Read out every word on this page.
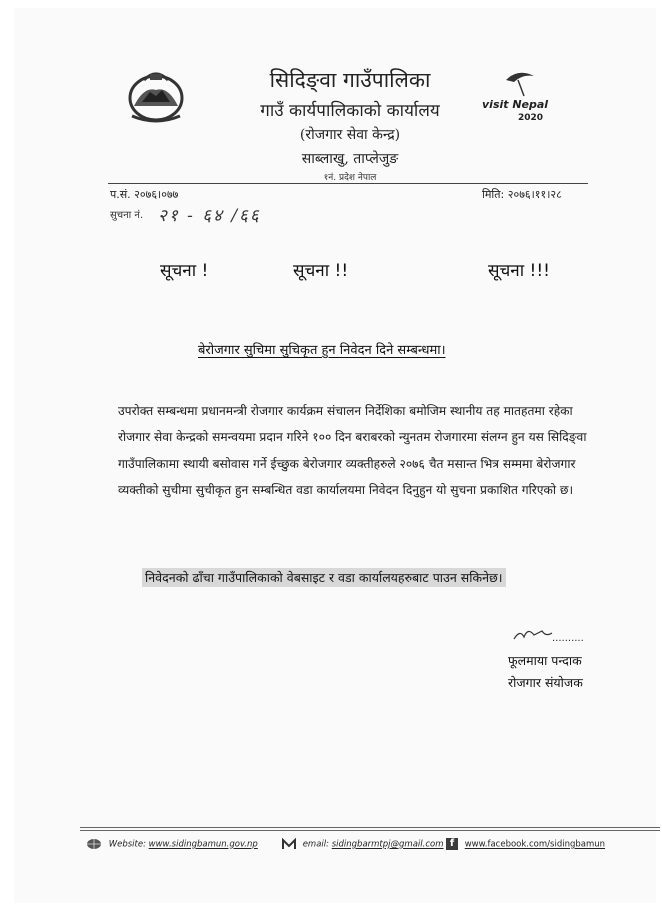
visit Nepal
2020
सिदिङ्वा गाउँपालिका
गाउँ कार्यपालिकाको कार्यालय
(रोजगार सेवा केन्द्र)
साब्लाखु, ताप्लेजुङ
१नं. प्रदेश नेपाल
प.सं. २०७६।०७७	मिति: २०७६।११।२८
सुचना नं. २१ - ६४ /६६
सूचना !	सूचना !!	सूचना !!!
बेरोजगार सुचिमा सुचिकृत हुन निवेदन दिने सम्बन्धमा।
उपरोक्त सम्बन्धमा प्रधानमन्त्री रोजगार कार्यक्रम संचालन निर्देशिका बमोजिम स्थानीय तह मातहतमा रहेका रोजगार सेवा केन्द्रको समन्वयमा प्रदान गरिने १०० दिन बराबरको न्युनतम रोजगारमा संलग्न हुन यस सिदिङ्वा गाउँपालिकामा स्थायी बसोवास गर्ने ईच्छुक बेरोजगार व्यक्तीहरुले २०७६ चैत मसान्त भित्र सम्ममा बेरोजगार व्यक्तीको सुचीमा सुचीकृत हुन सम्बन्धित वडा कार्यालयमा निवेदन दिनुहुन यो सुचना प्रकाशित गरिएको छ।
निवेदनको ढाँचा गाउँपालिकाको वेबसाइट र वडा कार्यालयहरुबाट पाउन सकिनेछ।
..........
फूलमाया पन्दाक
रोजगार संयोजक
Website: www.sidingbamun.gov.np	email: sidingbarmtpj@gmail.com f www.facebook.com/sidingbamun
